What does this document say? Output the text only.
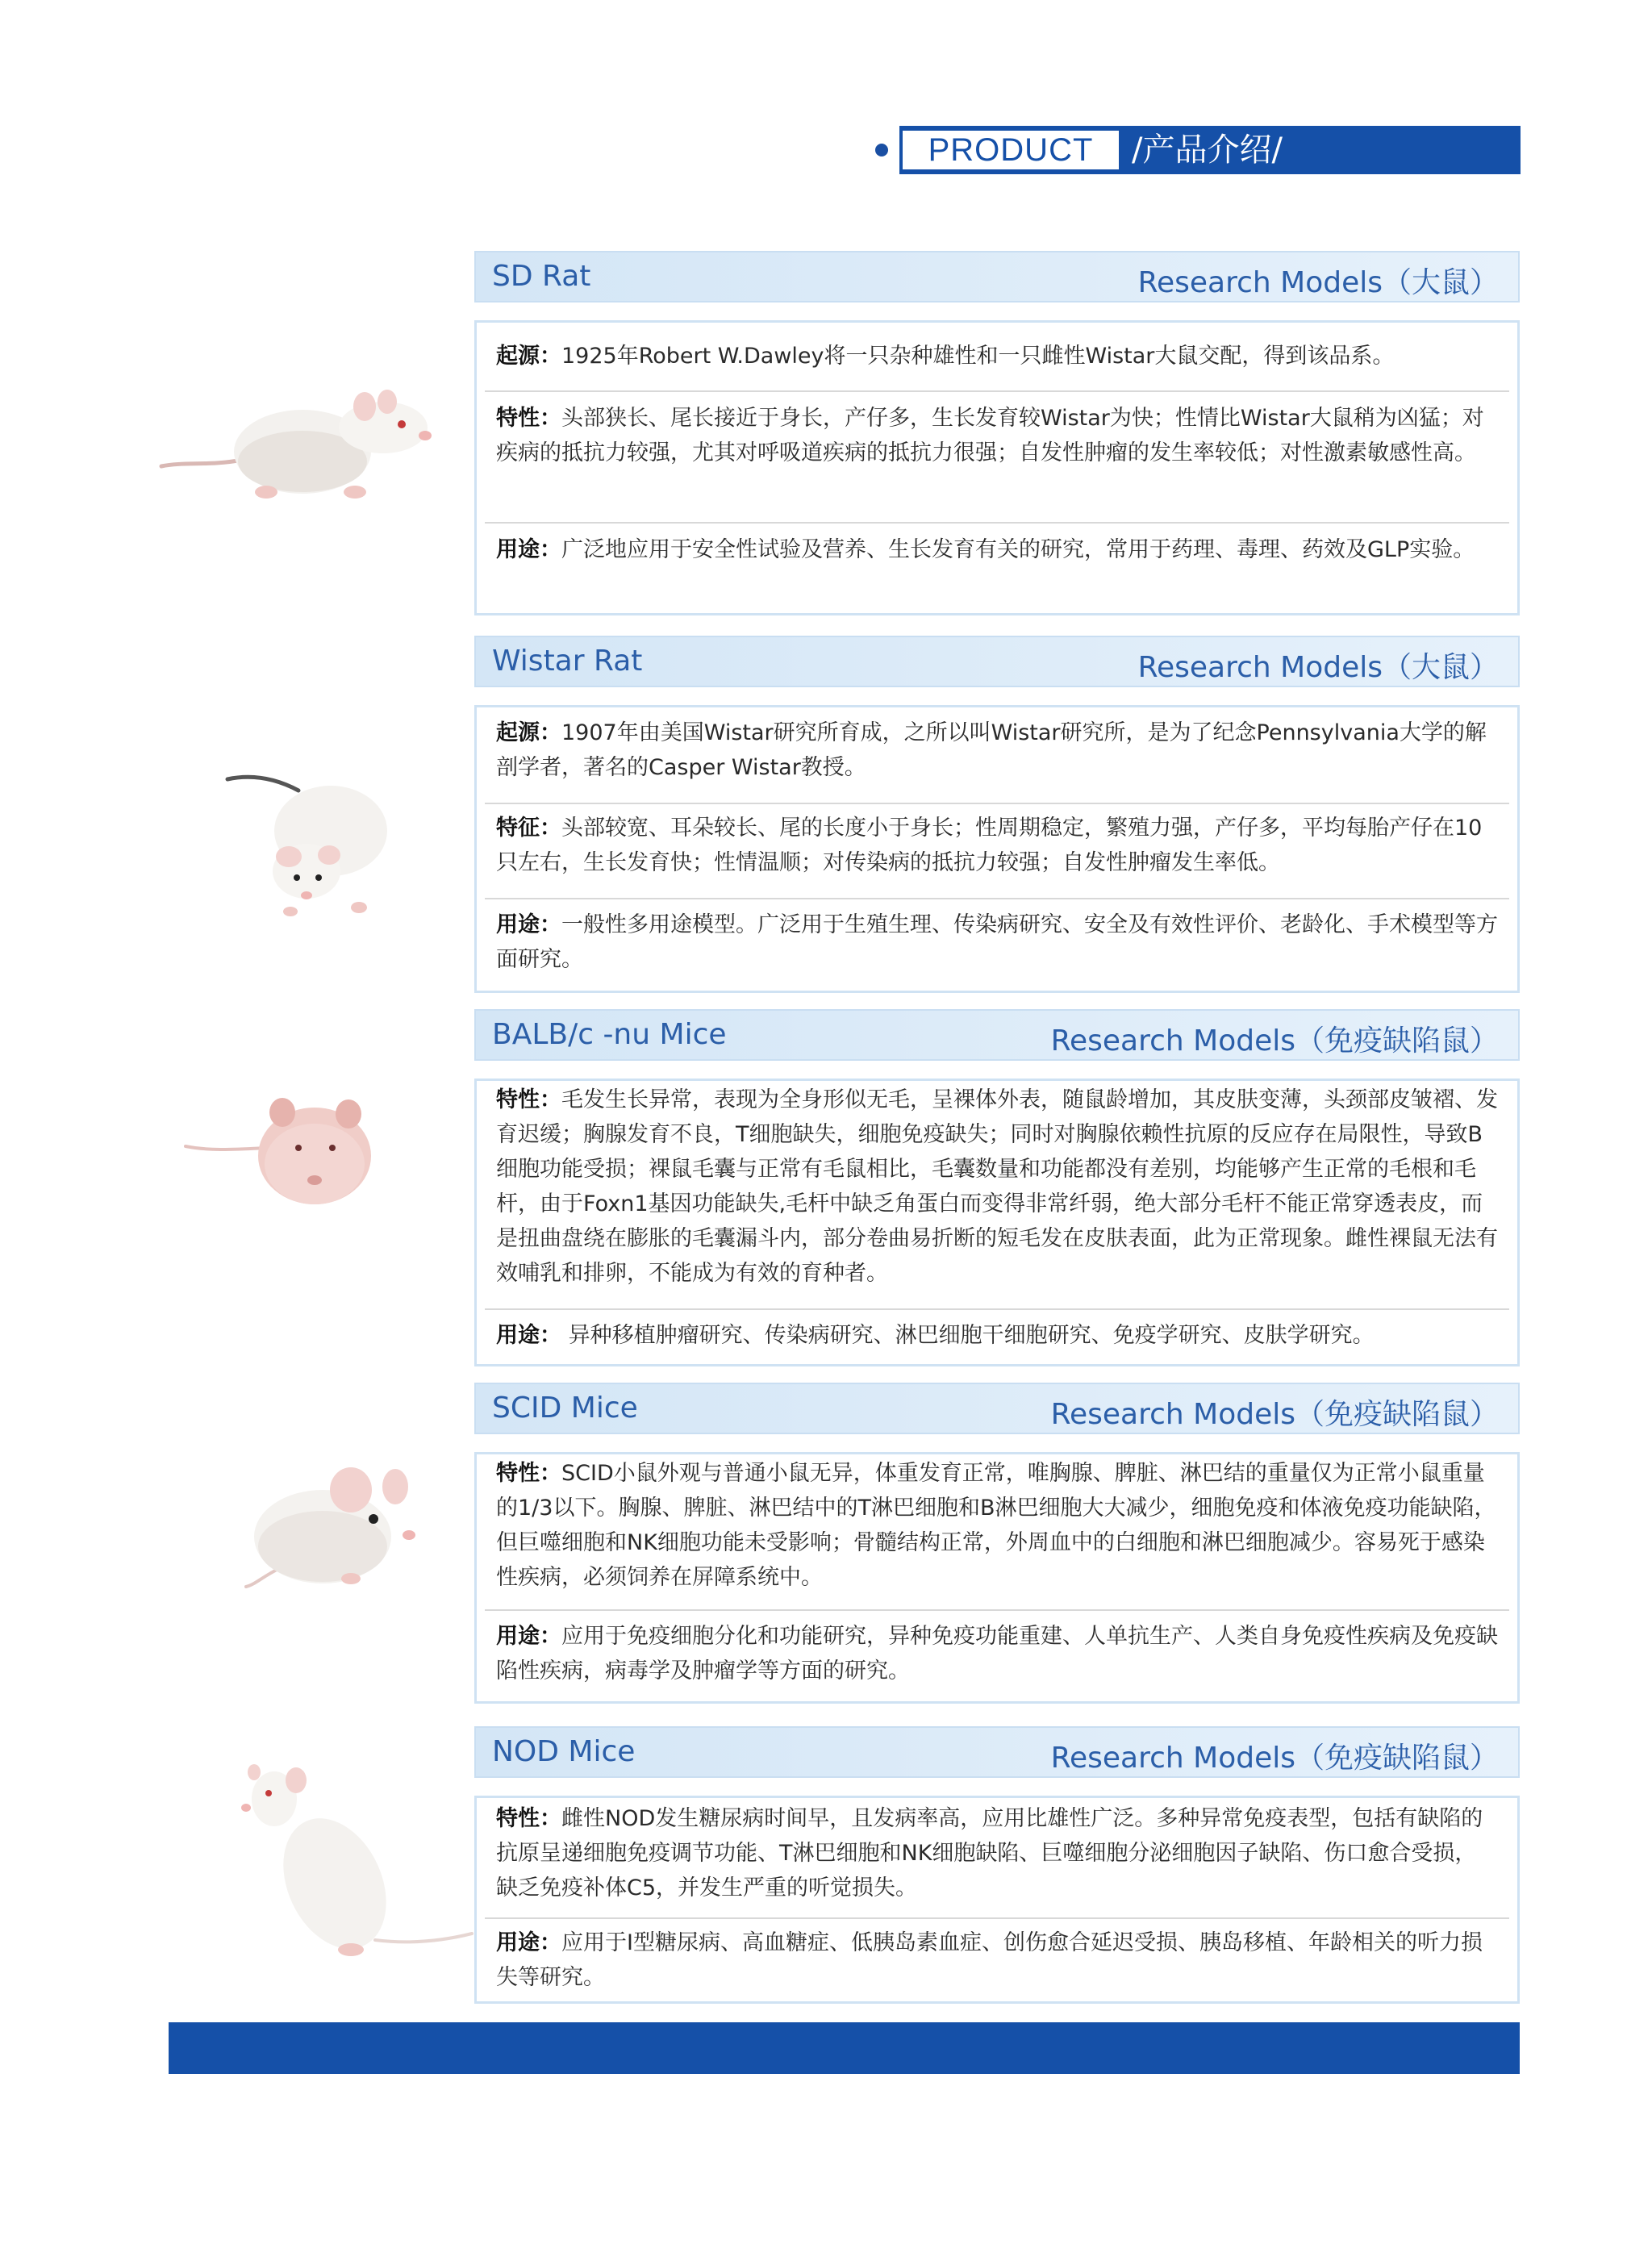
PRODUCT	/产品介绍/
SD Rat	Research Models（大鼠）
起源：1925年Robert W.Dawley将一只杂种雄性和一只雌性Wistar大鼠交配，得到该品系。
特性：头部狭长、尾长接近于身长，产仔多，生长发育较Wistar为快；性情比Wistar大鼠稍为凶猛；对疾病的抵抗力较强，尤其对呼吸道疾病的抵抗力很强；自发性肿瘤的发生率较低；对性激素敏感性高。
用途：广泛地应用于安全性试验及营养、生长发育有关的研究，常用于药理、毒理、药效及GLP实验。
Wistar Rat	Research Models（大鼠）
起源：1907年由美国Wistar研究所育成，之所以叫Wistar研究所，是为了纪念Pennsylvania大学的解剖学者，著名的Casper Wistar教授。
特征：头部较宽、耳朵较长、尾的长度小于身长；性周期稳定，繁殖力强，产仔多，平均每胎产仔在10只左右，生长发育快；性情温顺；对传染病的抵抗力较强；自发性肿瘤发生率低。
用途：一般性多用途模型。广泛用于生殖生理、传染病研究、安全及有效性评价、老龄化、手术模型等方面研究。
BALB/c -nu Mice	Research Models（免疫缺陷鼠）
特性：毛发生长异常，表现为全身形似无毛，呈裸体外表，随鼠龄增加，其皮肤变薄，头颈部皮皱褶、发育迟缓；胸腺发育不良，T细胞缺失，细胞免疫缺失；同时对胸腺依赖性抗原的反应存在局限性，导致B细胞功能受损；裸鼠毛囊与正常有毛鼠相比，毛囊数量和功能都没有差别，均能够产生正常的毛根和毛杆，由于Foxn1基因功能缺失,毛杆中缺乏角蛋白而变得非常纤弱，绝大部分毛杆不能正常穿透表皮，而是扭曲盘绕在膨胀的毛囊漏斗内，部分卷曲易折断的短毛发在皮肤表面，此为正常现象。雌性裸鼠无法有效哺乳和排卵，不能成为有效的育种者。
用途： 异种移植肿瘤研究、传染病研究、淋巴细胞干细胞研究、免疫学研究、皮肤学研究。
SCID Mice	Research Models（免疫缺陷鼠）
特性：SCID小鼠外观与普通小鼠无异，体重发育正常，唯胸腺、脾脏、淋巴结的重量仅为正常小鼠重量的1/3以下。胸腺、脾脏、淋巴结中的T淋巴细胞和B淋巴细胞大大减少，细胞免疫和体液免疫功能缺陷，但巨噬细胞和NK细胞功能未受影响；骨髓结构正常，外周血中的白细胞和淋巴细胞减少。容易死于感染性疾病，必须饲养在屏障系统中。
用途：应用于免疫细胞分化和功能研究，异种免疫功能重建、人单抗生产、人类自身免疫性疾病及免疫缺陷性疾病，病毒学及肿瘤学等方面的研究。
NOD Mice	Research Models（免疫缺陷鼠）
特性：雌性NOD发生糖尿病时间早，且发病率高，应用比雄性广泛。多种异常免疫表型，包括有缺陷的抗原呈递细胞免疫调节功能、T淋巴细胞和NK细胞缺陷、巨噬细胞分泌细胞因子缺陷、伤口愈合受损，缺乏免疫补体C5，并发生严重的听觉损失。
用途：应用于I型糖尿病、高血糖症、低胰岛素血症、创伤愈合延迟受损、胰岛移植、年龄相关的听力损失等研究。
